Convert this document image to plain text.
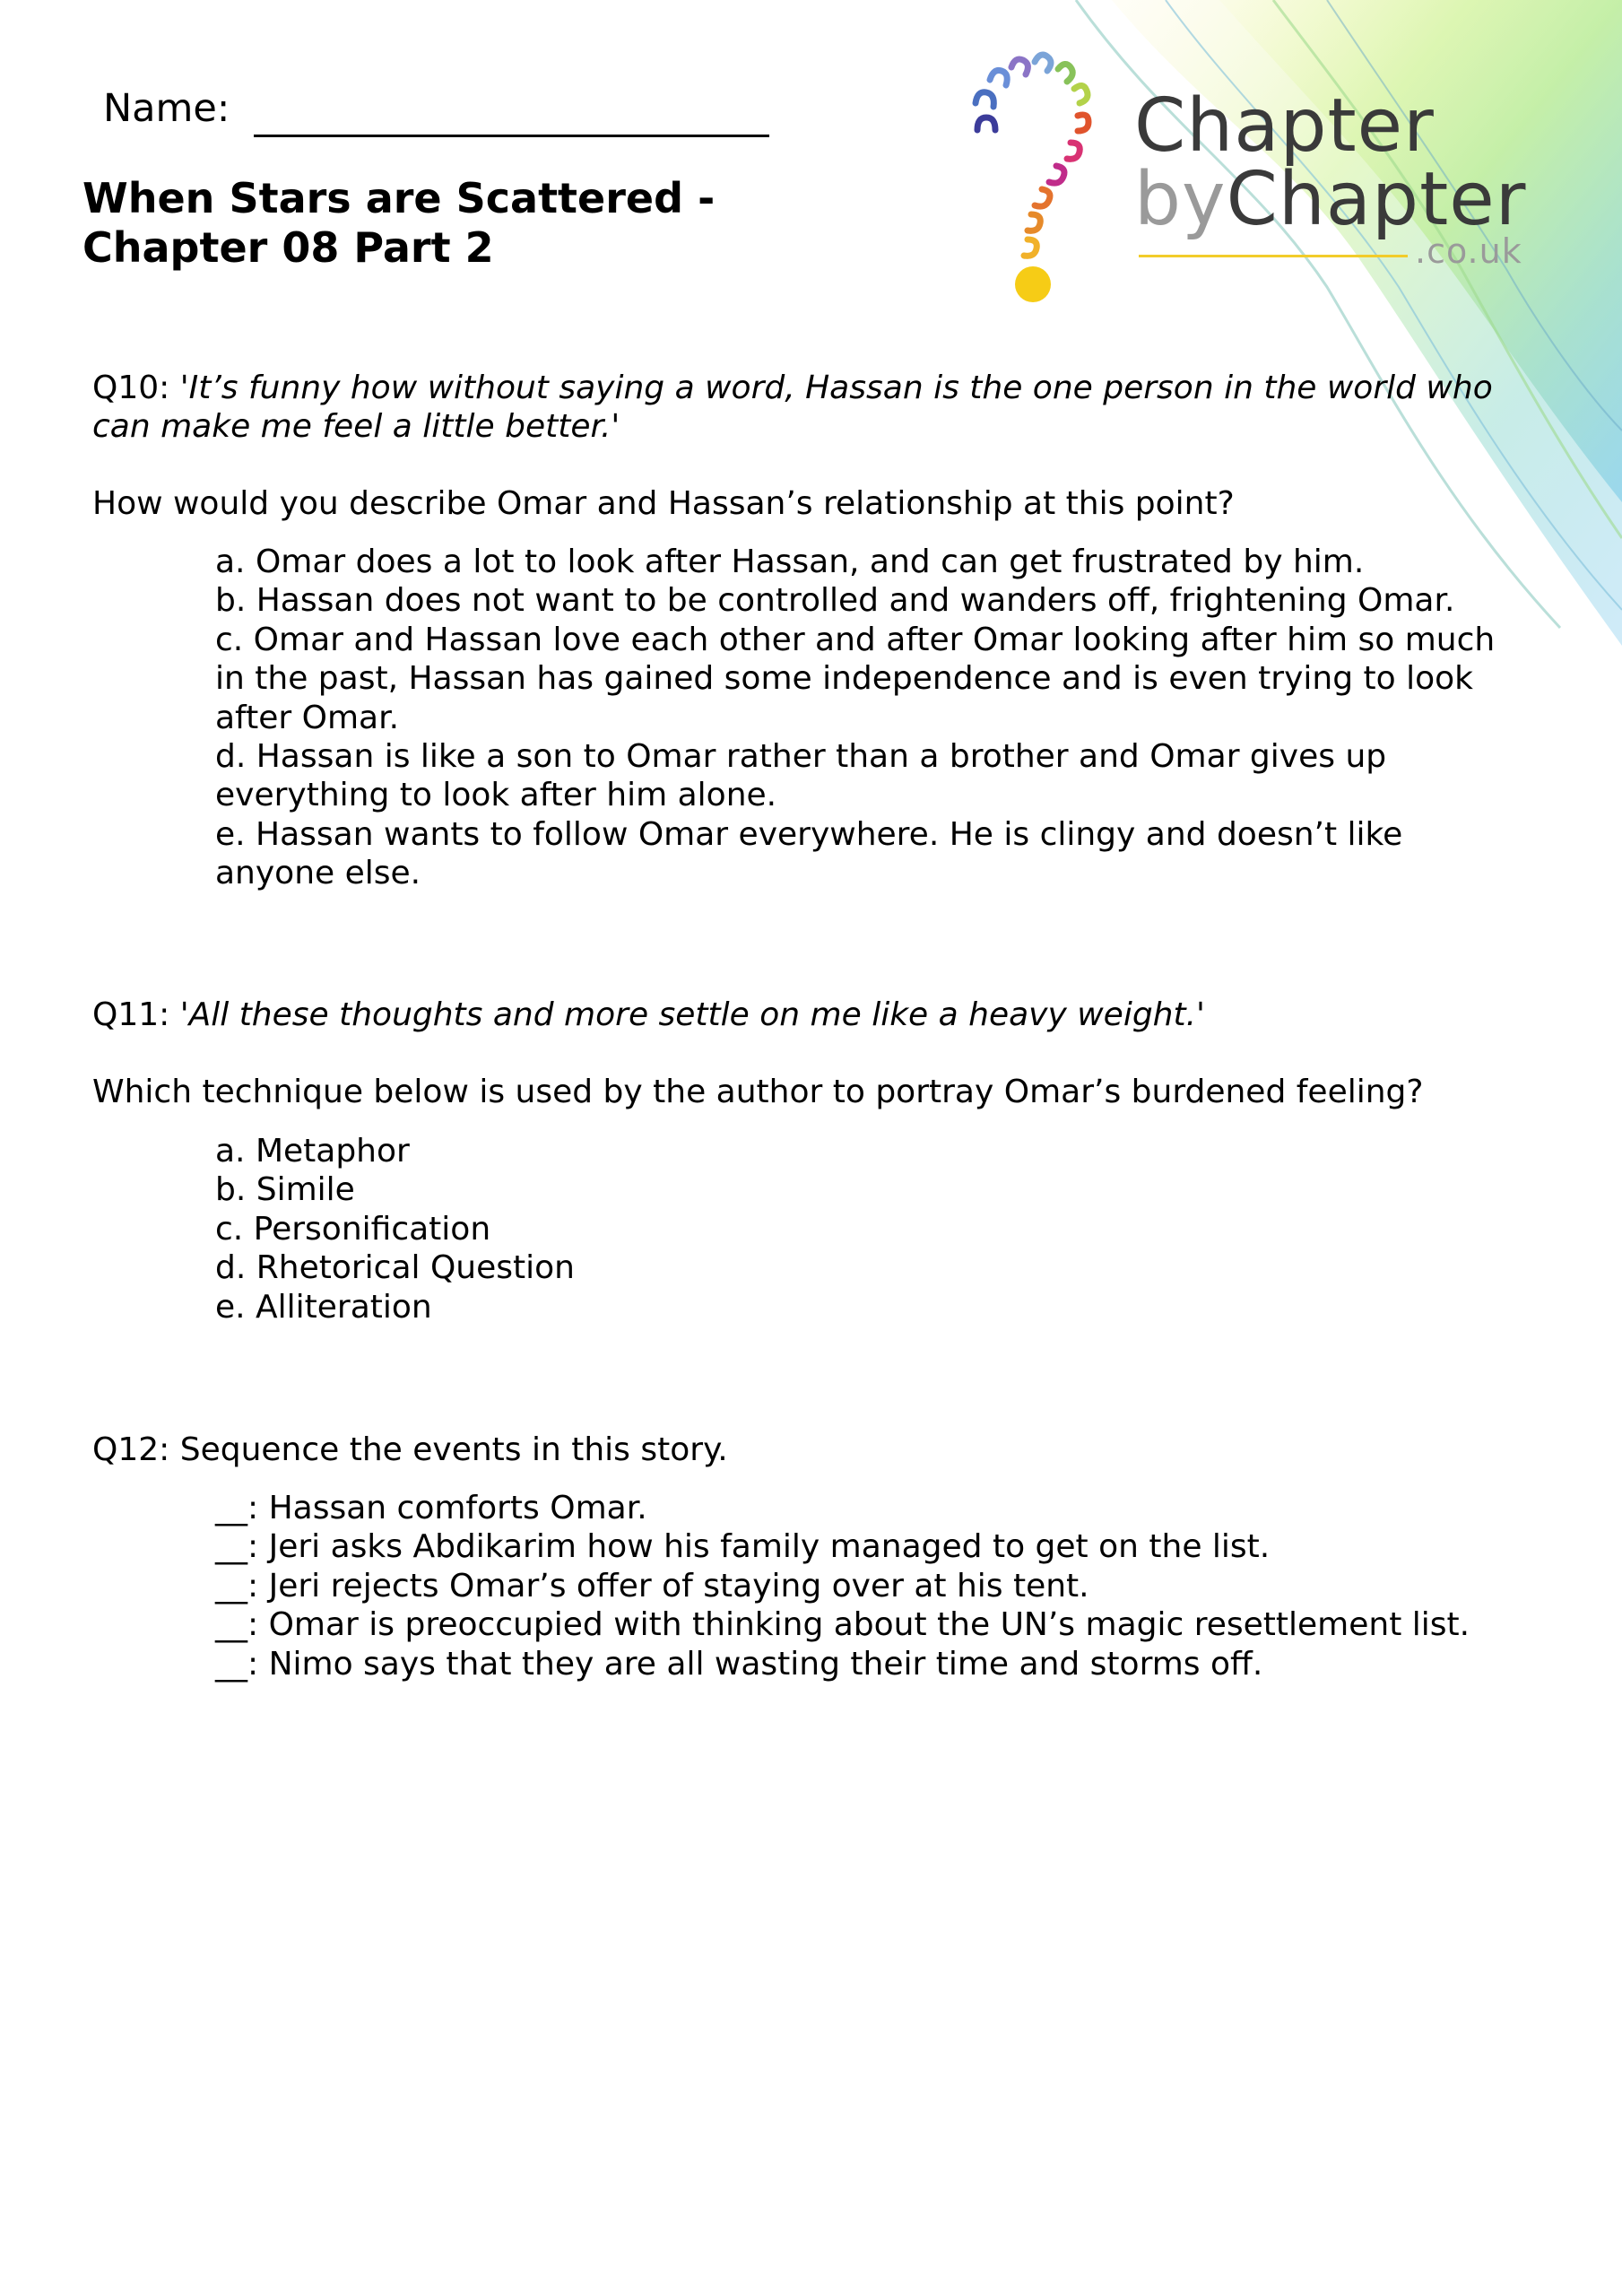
Chapter
byChapter
.co.uk
Name:
When Stars are Scattered -
Chapter 08 Part 2
Q10: 'It’s funny how without saying a word, Hassan is the one person in the world who
can make me feel a little better.'
How would you describe Omar and Hassan’s relationship at this point?
a. Omar does a lot to look after Hassan, and can get frustrated by him.
b. Hassan does not want to be controlled and wanders off, frightening Omar.
c. Omar and Hassan love each other and after Omar looking after him so much
in the past, Hassan has gained some independence and is even trying to look
after Omar.
d. Hassan is like a son to Omar rather than a brother and Omar gives up
everything to look after him alone.
e. Hassan wants to follow Omar everywhere. He is clingy and doesn’t like
anyone else.
Q11: 'All these thoughts and more settle on me like a heavy weight.'
Which technique below is used by the author to portray Omar’s burdened feeling?
a. Metaphor
b. Simile
c. Personification
d. Rhetorical Question
e. Alliteration
Q12: Sequence the events in this story.
__: Hassan comforts Omar.
__: Jeri asks Abdikarim how his family managed to get on the list.
__: Jeri rejects Omar’s offer of staying over at his tent.
__: Omar is preoccupied with thinking about the UN’s magic resettlement list.
__: Nimo says that they are all wasting their time and storms off.
